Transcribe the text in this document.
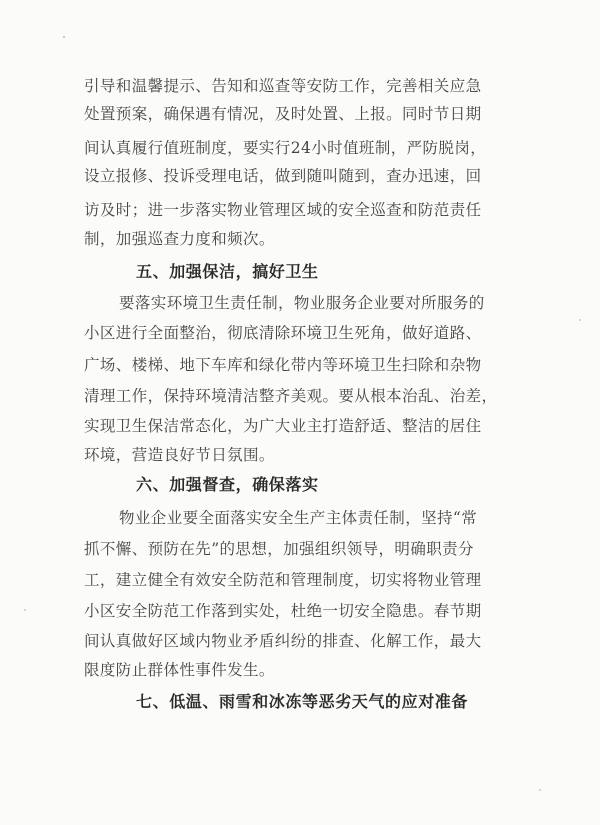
引导和温馨提示、告知和巡查等安防工作，完善相关应急
处置预案，确保遇有情况，及时处置、上报。同时节日期
间认真履行值班制度，要实行24小时值班制，严防脱岗，
设立报修、投诉受理电话，做到随叫随到，查办迅速，回
访及时；进一步落实物业管理区域的安全巡查和防范责任
制，加强巡查力度和频次。
五、加强保洁，搞好卫生
要落实环境卫生责任制，物业服务企业要对所服务的
小区进行全面整治，彻底清除环境卫生死角，做好道路、
广场、楼梯、地下车库和绿化带内等环境卫生扫除和杂物
清理工作，保持环境清洁整齐美观。要从根本治乱、治差，
实现卫生保洁常态化，为广大业主打造舒适、整洁的居住
环境，营造良好节日氛围。
六、加强督查，确保落实
物业企业要全面落实安全生产主体责任制，坚持“常
抓不懈、预防在先”的思想，加强组织领导，明确职责分
工，建立健全有效安全防范和管理制度，切实将物业管理
小区安全防范工作落到实处，杜绝一切安全隐患。春节期
间认真做好区域内物业矛盾纠纷的排查、化解工作，最大
限度防止群体性事件发生。
七、低温、雨雪和冰冻等恶劣天气的应对准备
